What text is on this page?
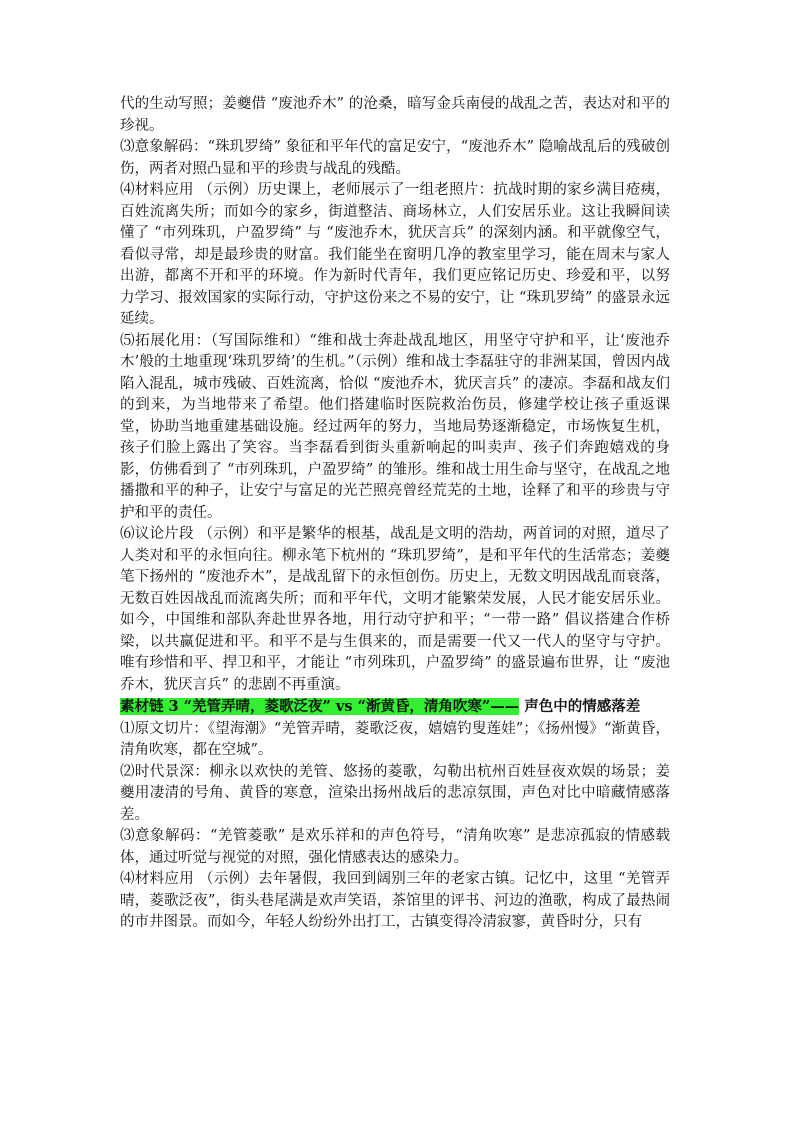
代的生动写照；姜夔借 “废池乔木” 的沧桑，暗写金兵南侵的战乱之苦，表达对和平的珍视。

⑶意象解码：“珠玑罗绮” 象征和平年代的富足安宁，“废池乔木” 隐喻战乱后的残破创伤，两者对照凸显和平的珍贵与战乱的残酷。

⑷材料应用 （示例）历史课上，老师展示了一组老照片：抗战时期的家乡满目疮痍，百姓流离失所；而如今的家乡，街道整洁、商场林立，人们安居乐业。这让我瞬间读懂了 “市列珠玑，户盈罗绮” 与 “废池乔木，犹厌言兵” 的深刻内涵。和平就像空气，看似寻常，却是最珍贵的财富。我们能坐在窗明几净的教室里学习，能在周末与家人出游，都离不开和平的环境。作为新时代青年，我们更应铭记历史、珍爱和平，以努力学习、报效国家的实际行动，守护这份来之不易的安宁，让 “珠玑罗绮” 的盛景永远延续。

⑸拓展化用：（写国际维和）“维和战士奔赴战乱地区，用坚守守护和平，让‘废池乔木’般的土地重现‘珠玑罗绮’的生机。”（示例）维和战士李磊驻守的非洲某国，曾因内战陷入混乱，城市残破、百姓流离，恰似 “废池乔木，犹厌言兵” 的凄凉。李磊和战友们的到来，为当地带来了希望。他们搭建临时医院救治伤员，修建学校让孩子重返课堂，协助当地重建基础设施。经过两年的努力，当地局势逐渐稳定，市场恢复生机，孩子们脸上露出了笑容。当李磊看到街头重新响起的叫卖声、孩子们奔跑嬉戏的身影，仿佛看到了 “市列珠玑，户盈罗绮” 的雏形。维和战士用生命与坚守，在战乱之地播撒和平的种子，让安宁与富足的光芒照亮曾经荒芜的土地，诠释了和平的珍贵与守护和平的责任。

⑹议论片段 （示例）和平是繁华的根基，战乱是文明的浩劫，两首词的对照，道尽了人类对和平的永恒向往。柳永笔下杭州的 “珠玑罗绮”，是和平年代的生活常态；姜夔笔下扬州的 “废池乔木”，是战乱留下的永恒创伤。历史上，无数文明因战乱而衰落，无数百姓因战乱而流离失所；而和平年代，文明才能繁荣发展，人民才能安居乐业。如今，中国维和部队奔赴世界各地，用行动守护和平；“一带一路” 倡议搭建合作桥梁，以共赢促进和平。和平不是与生俱来的，而是需要一代又一代人的坚守与守护。唯有珍惜和平、捍卫和平，才能让 “市列珠玑，户盈罗绮” 的盛景遍布世界，让 “废池乔木，犹厌言兵” 的悲剧不再重演。

素材链 3 “羌管弄晴，菱歌泛夜” vs “渐黄昏，清角吹寒”—— 声色中的情感落差

⑴原文切片：《望海潮》“羌管弄晴，菱歌泛夜，嬉嬉钓叟莲娃”；《扬州慢》“渐黄昏，清角吹寒，都在空城”。

⑵时代景深：柳永以欢快的羌管、悠扬的菱歌，勾勒出杭州百姓昼夜欢娱的场景；姜夔用凄清的号角、黄昏的寒意，渲染出扬州战后的悲凉氛围，声色对比中暗藏情感落差。

⑶意象解码：“羌管菱歌” 是欢乐祥和的声色符号，“清角吹寒” 是悲凉孤寂的情感载体，通过听觉与视觉的对照，强化情感表达的感染力。

⑷材料应用 （示例）去年暑假，我回到阔别三年的老家古镇。记忆中，这里 “羌管弄晴，菱歌泛夜”，街头巷尾满是欢声笑语，茶馆里的评书、河边的渔歌，构成了最热闹的市井图景。而如今，年轻人纷纷外出打工，古镇变得冷清寂寥，黄昏时分，只有
